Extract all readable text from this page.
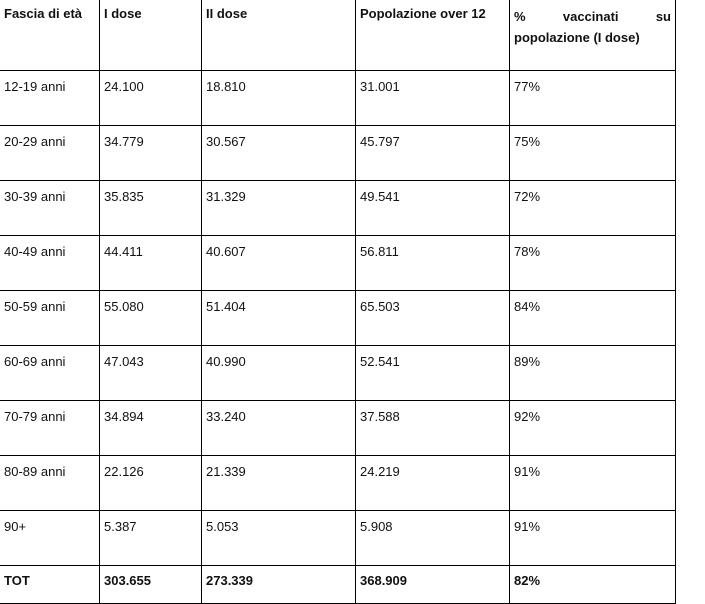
Fascia di età	I dose	II dose	Popolazione over 12	% vaccinati su popolazione (I dose)
12-19 anni	24.100	18.810	31.001	77%
20-29 anni	34.779	30.567	45.797	75%
30-39 anni	35.835	31.329	49.541	72%
40-49 anni	44.411	40.607	56.811	78%
50-59 anni	55.080	51.404	65.503	84%
60-69 anni	47.043	40.990	52.541	89%
70-79 anni	34.894	33.240	37.588	92%
80-89 anni	22.126	21.339	24.219	91%
90+	5.387	5.053	5.908	91%
TOT	303.655	273.339	368.909	82%
